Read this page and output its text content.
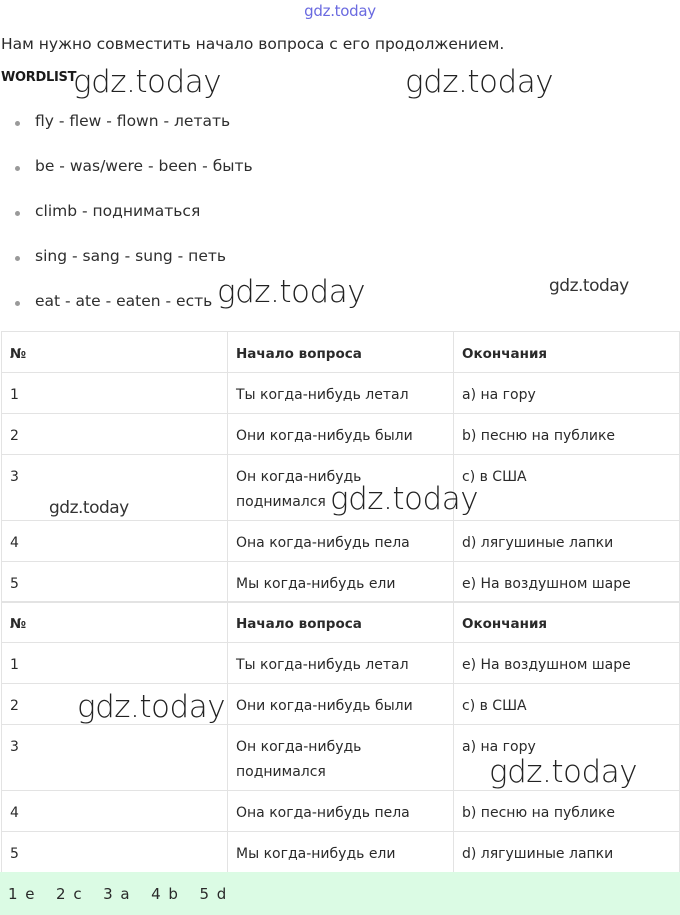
gdz.today
Нам нужно совместить начало вопроса с его продолжением.
WORDLIST
fly - flew - flown - летать
be - was/were - been - быть
climb - подниматься
sing - sang - sung - петь
eat - ate - eaten - есть
№	Начало вопроса	Окончания
1	Ты когда-нибудь летал	a) на гору
2	Они когда-нибудь были	b) песню на публике
3	Он когда-нибудь поднимался	c) в США
4	Она когда-нибудь пела	d) лягушиные лапки
5	Мы когда-нибудь ели	e) На воздушном шаре
№	Начало вопроса	Окончания
1	Ты когда-нибудь летал	e) На воздушном шаре
2	Они когда-нибудь были	c) в США
3	Он когда-нибудь поднимался	a) на гору
4	Она когда-нибудь пела	b) песню на публике
5	Мы когда-нибудь ели	d) лягушиные лапки
1 e 2 c 3 a 4 b 5 d
gdz.today	gdz.today
gdz.today	gdz.today
gdz.today	gdz.today
gdz.today
gdz.today
